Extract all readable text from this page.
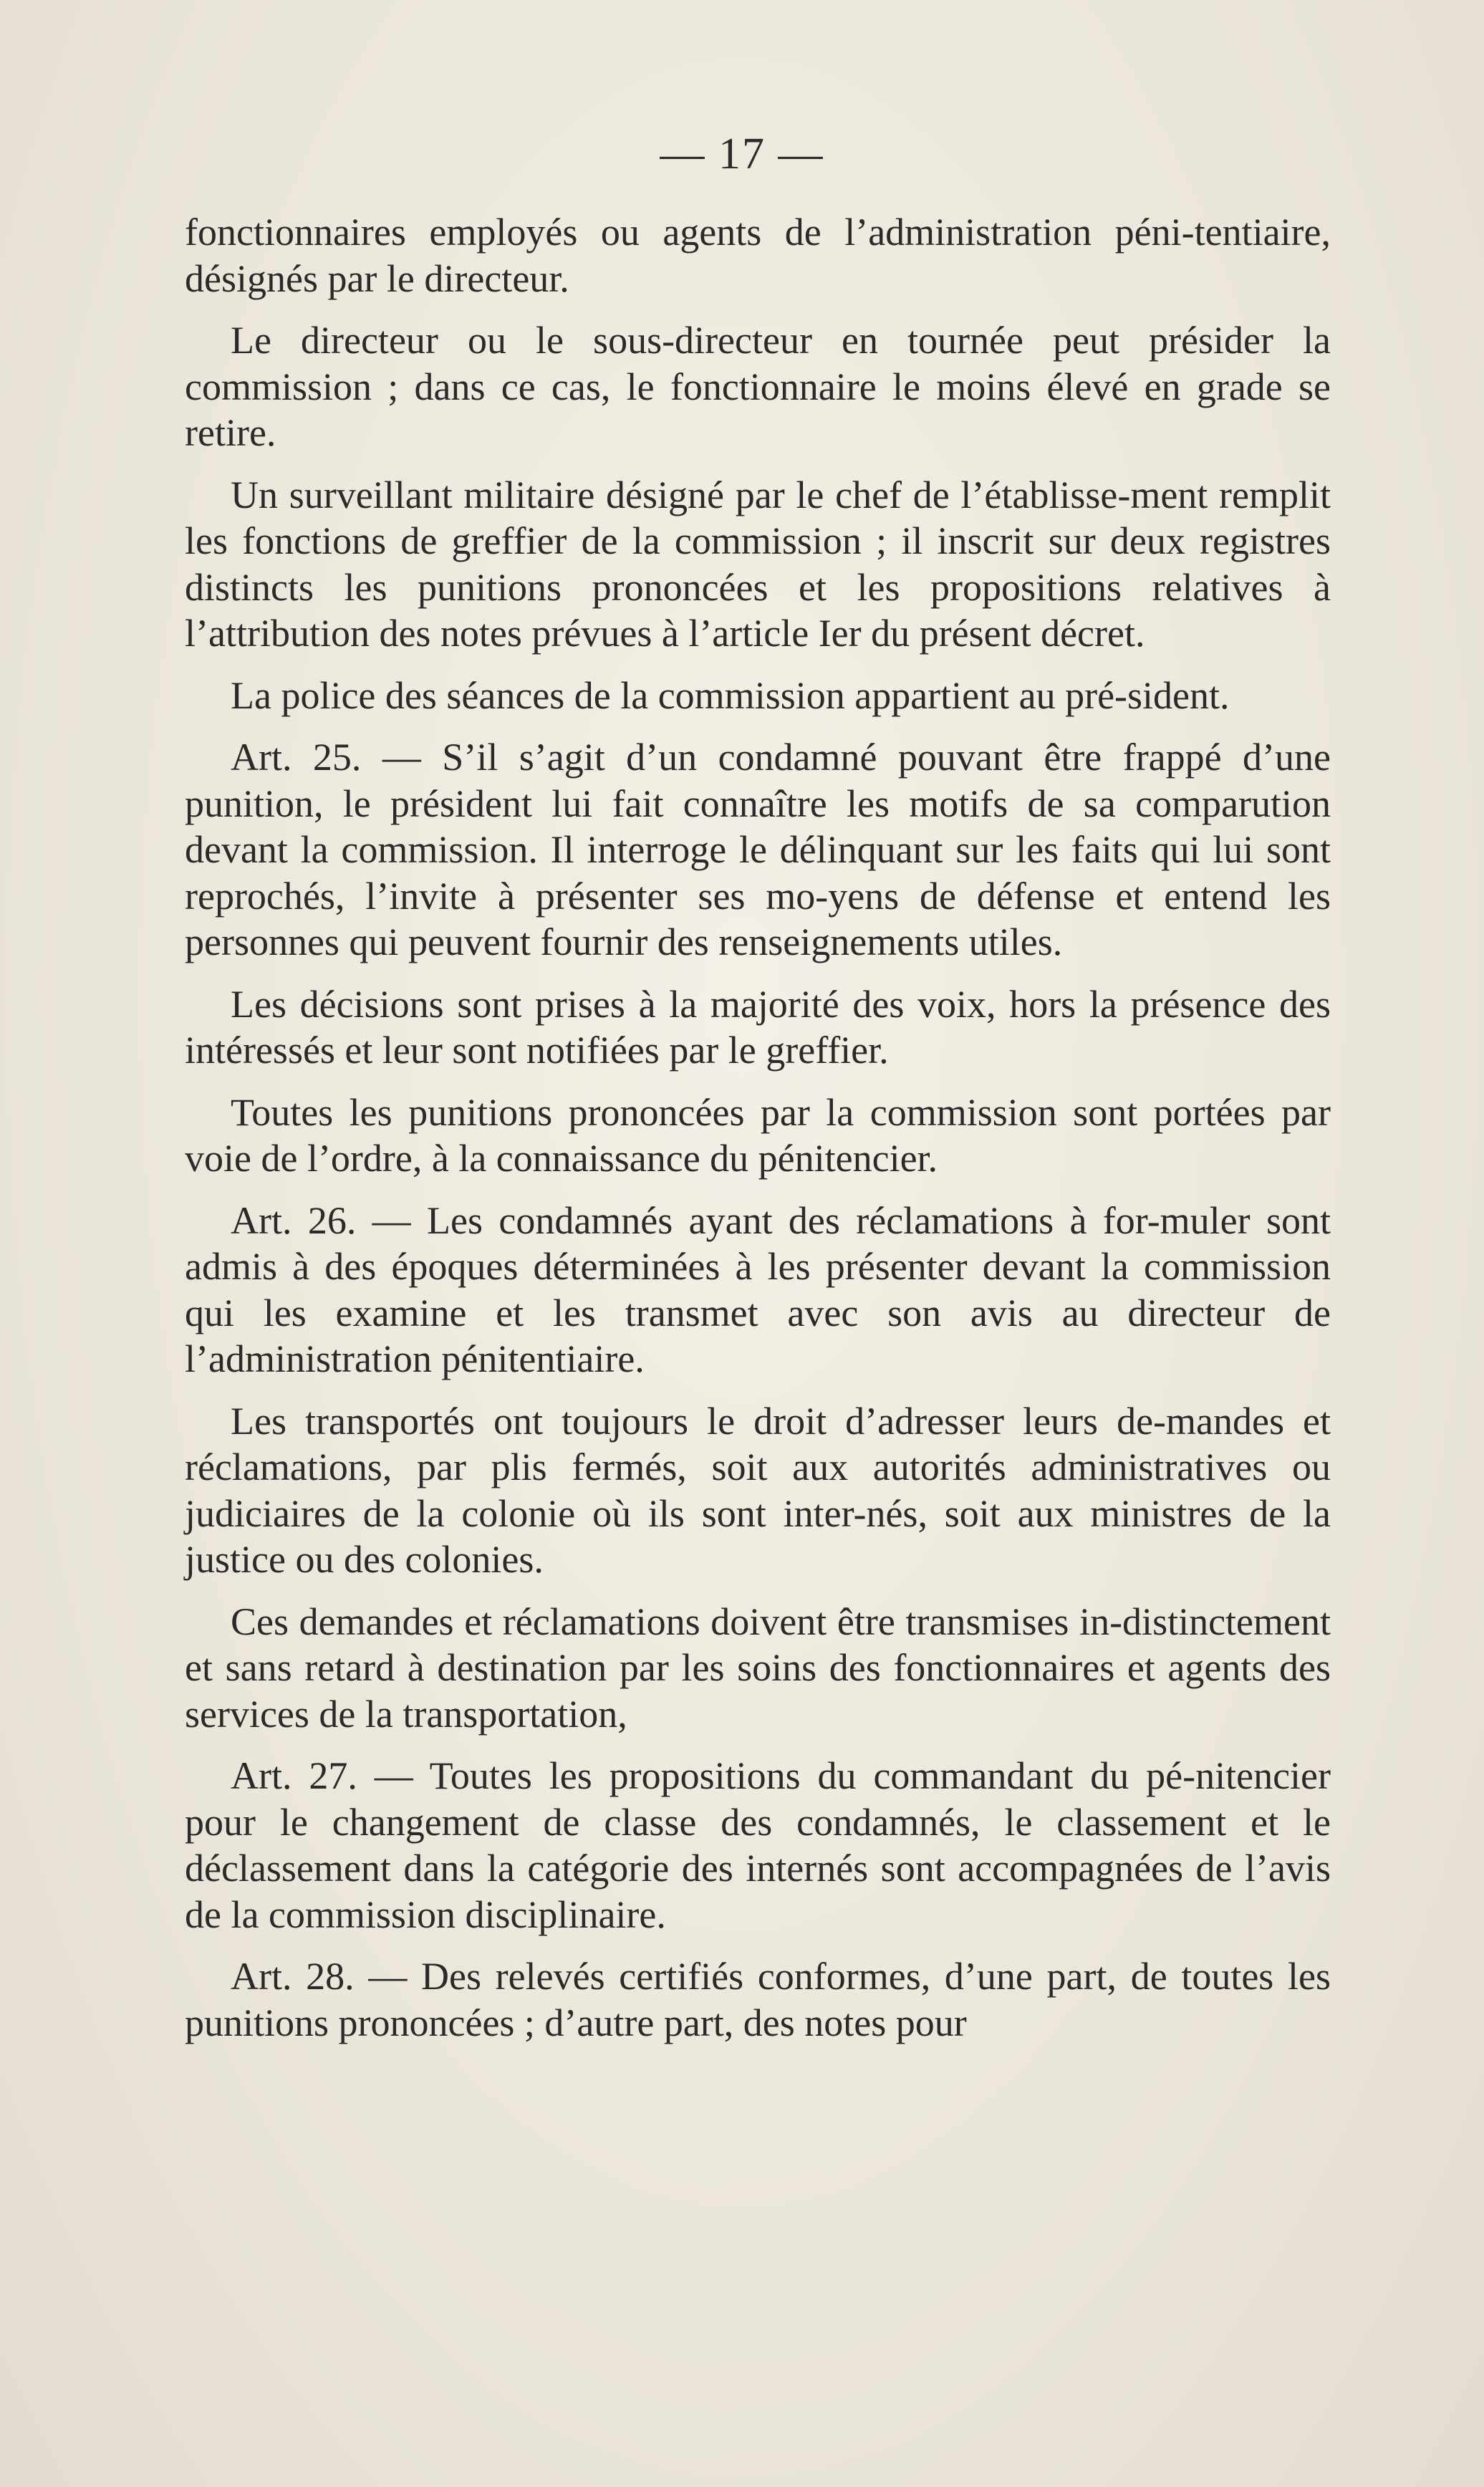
— 17 —

fonctionnaires employés ou agents de l’administration péni-tentiaire, désignés par le directeur.

Le directeur ou le sous-directeur en tournée peut présider la commission ; dans ce cas, le fonctionnaire le moins élevé en grade se retire.

Un surveillant militaire désigné par le chef de l’établisse-ment remplit les fonctions de greffier de la commission ; il inscrit sur deux registres distincts les punitions prononcées et les propositions relatives à l’attribution des notes prévues à l’article Ier du présent décret.

La police des séances de la commission appartient au pré-sident.

Art. 25. — S’il s’agit d’un condamné pouvant être frappé d’une punition, le président lui fait connaître les motifs de sa comparution devant la commission. Il interroge le délinquant sur les faits qui lui sont reprochés, l’invite à présenter ses mo-yens de défense et entend les personnes qui peuvent fournir des renseignements utiles.

Les décisions sont prises à la majorité des voix, hors la présence des intéressés et leur sont notifiées par le greffier.

Toutes les punitions prononcées par la commission sont portées par voie de l’ordre, à la connaissance du pénitencier.

Art. 26. — Les condamnés ayant des réclamations à for-muler sont admis à des époques déterminées à les présenter devant la commission qui les examine et les transmet avec son avis au directeur de l’administration pénitentiaire.

Les transportés ont toujours le droit d’adresser leurs de-mandes et réclamations, par plis fermés, soit aux autorités administratives ou judiciaires de la colonie où ils sont inter-nés, soit aux ministres de la justice ou des colonies.

Ces demandes et réclamations doivent être transmises in-distinctement et sans retard à destination par les soins des fonctionnaires et agents des services de la transportation,

Art. 27. — Toutes les propositions du commandant du pé-nitencier pour le changement de classe des condamnés, le classement et le déclassement dans la catégorie des internés sont accompagnées de l’avis de la commission disciplinaire.

Art. 28. — Des relevés certifiés conformes, d’une part, de toutes les punitions prononcées ; d’autre part, des notes pour
